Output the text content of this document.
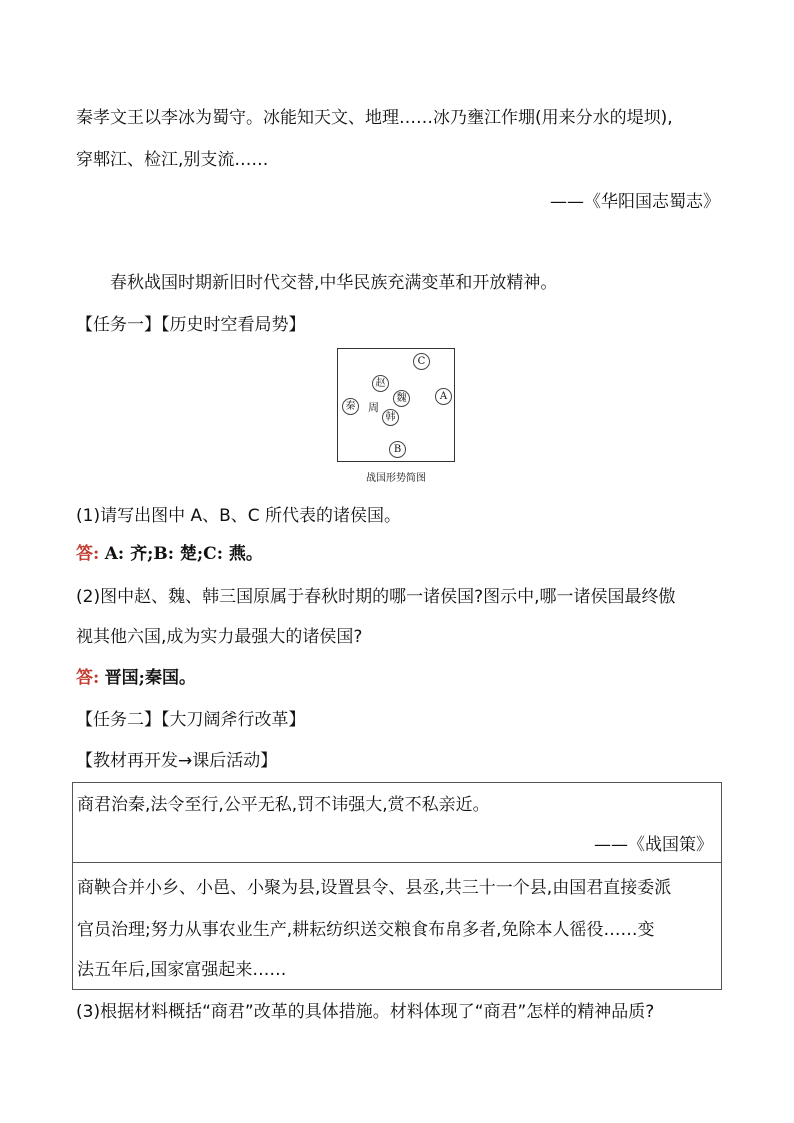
秦孝文王以李冰为蜀守。冰能知天文、地理……冰乃壅江作堋(用来分水的堤坝),
穿郫江、检江,别支流……
——《华阳国志蜀志》
春秋战国时期新旧时代交替,中华民族充满变革和开放精神。
【任务一】【历史时空看局势】
C
赵
魏	A
秦	周
韩
B
战国形势简图
(1)请写出图中 A、B、C 所代表的诸侯国。
答: A: 齐;B: 楚;C: 燕。
(2)图中赵、魏、韩三国原属于春秋时期的哪一诸侯国?图示中,哪一诸侯国最终傲
视其他六国,成为实力最强大的诸侯国?
答: 晋国;秦国。
【任务二】【大刀阔斧行改革】
【教材再开发→课后活动】
商君治秦,法令至行,公平无私,罚不讳强大,赏不私亲近。
——《战国策》
商鞅合并小乡、小邑、小聚为县,设置县令、县丞,共三十一个县,由国君直接委派
官员治理;努力从事农业生产,耕耘纺织送交粮食布帛多者,免除本人徭役……变
法五年后,国家富强起来……
(3)根据材料概括“商君”改革的具体措施。材料体现了“商君”怎样的精神品质?
